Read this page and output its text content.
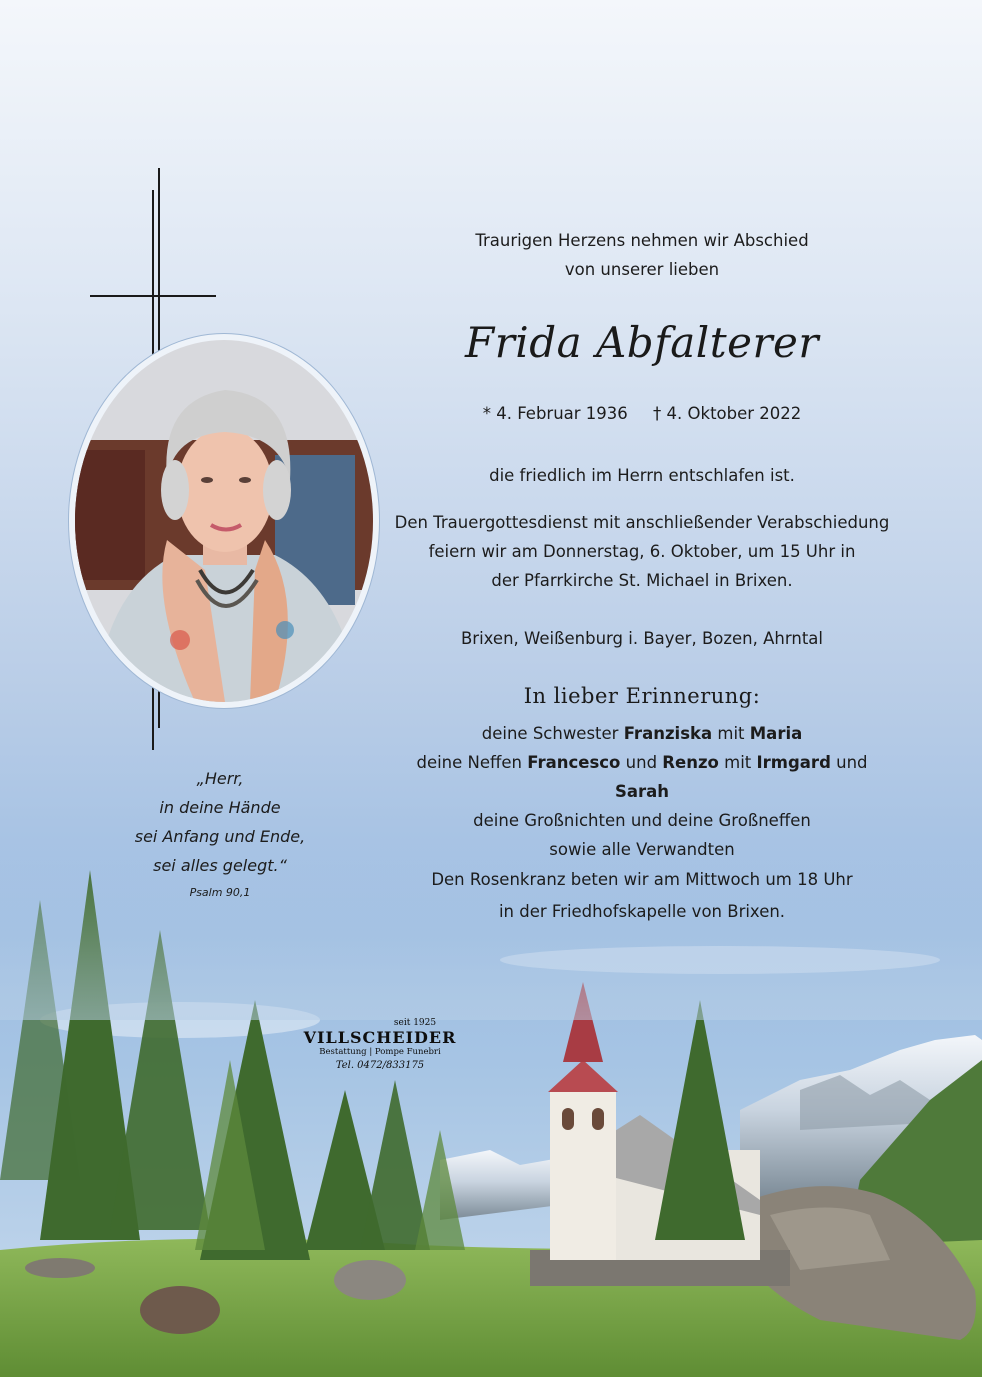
Traurigen Herzens nehmen wir Abschied
von unserer lieben
Frida Abfalterer
* 4. Februar 1936 † 4. Oktober 2022
die friedlich im Herrn entschlafen ist.
Den Trauergottesdienst mit anschließender Verabschiedung
feiern wir am Donnerstag, 6. Oktober, um 15 Uhr in
der Pfarrkirche St. Michael in Brixen.
Brixen, Weißenburg i. Bayer, Bozen, Ahrntal
In lieber Erinnerung:
deine Schwester Franziska mit Maria
deine Neffen Francesco und Renzo mit Irmgard und Sarah
deine Großnichten und deine Großneffen
sowie alle Verwandten
Den Rosenkranz beten wir am Mittwoch um 18 Uhr
in der Friedhofskapelle von Brixen.
„Herr,
in deine Hände
sei Anfang und Ende,
sei alles gelegt.“
Psalm 90,1
seit 1925
VILLSCHEIDER
Bestattung | Pompe Funebri
Tel. 0472/833175
